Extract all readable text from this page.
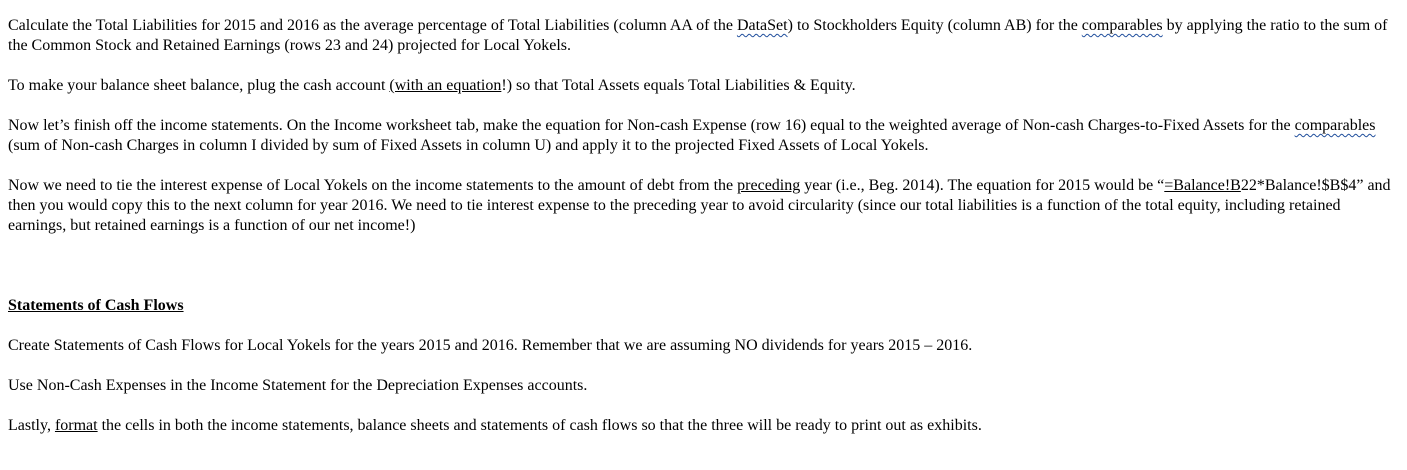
Calculate the Total Liabilities for 2015 and 2016 as the average percentage of Total Liabilities (column AA of the DataSet) to Stockholders Equity (column AB) for the comparables by applying the ratio to the sum of the Common Stock and Retained Earnings (rows 23 and 24) projected for Local Yokels.

To make your balance sheet balance, plug the cash account (with an equation!) so that Total Assets equals Total Liabilities & Equity.

Now let’s finish off the income statements. On the Income worksheet tab, make the equation for Non-cash Expense (row 16) equal to the weighted average of Non-cash Charges-to-Fixed Assets for the comparables (sum of Non-cash Charges in column I divided by sum of Fixed Assets in column U) and apply it to the projected Fixed Assets of Local Yokels.

Now we need to tie the interest expense of Local Yokels on the income statements to the amount of debt from the preceding year (i.e., Beg. 2014). The equation for 2015 would be “=Balance!B22*Balance!$B$4” and then you would copy this to the next column for year 2016. We need to tie interest expense to the preceding year to avoid circularity (since our total liabilities is a function of the total equity, including retained earnings, but retained earnings is a function of our net income!)

Statements of Cash Flows

Create Statements of Cash Flows for Local Yokels for the years 2015 and 2016. Remember that we are assuming NO dividends for years 2015 – 2016.

Use Non-Cash Expenses in the Income Statement for the Depreciation Expenses accounts.

Lastly, format the cells in both the income statements, balance sheets and statements of cash flows so that the three will be ready to print out as exhibits.
